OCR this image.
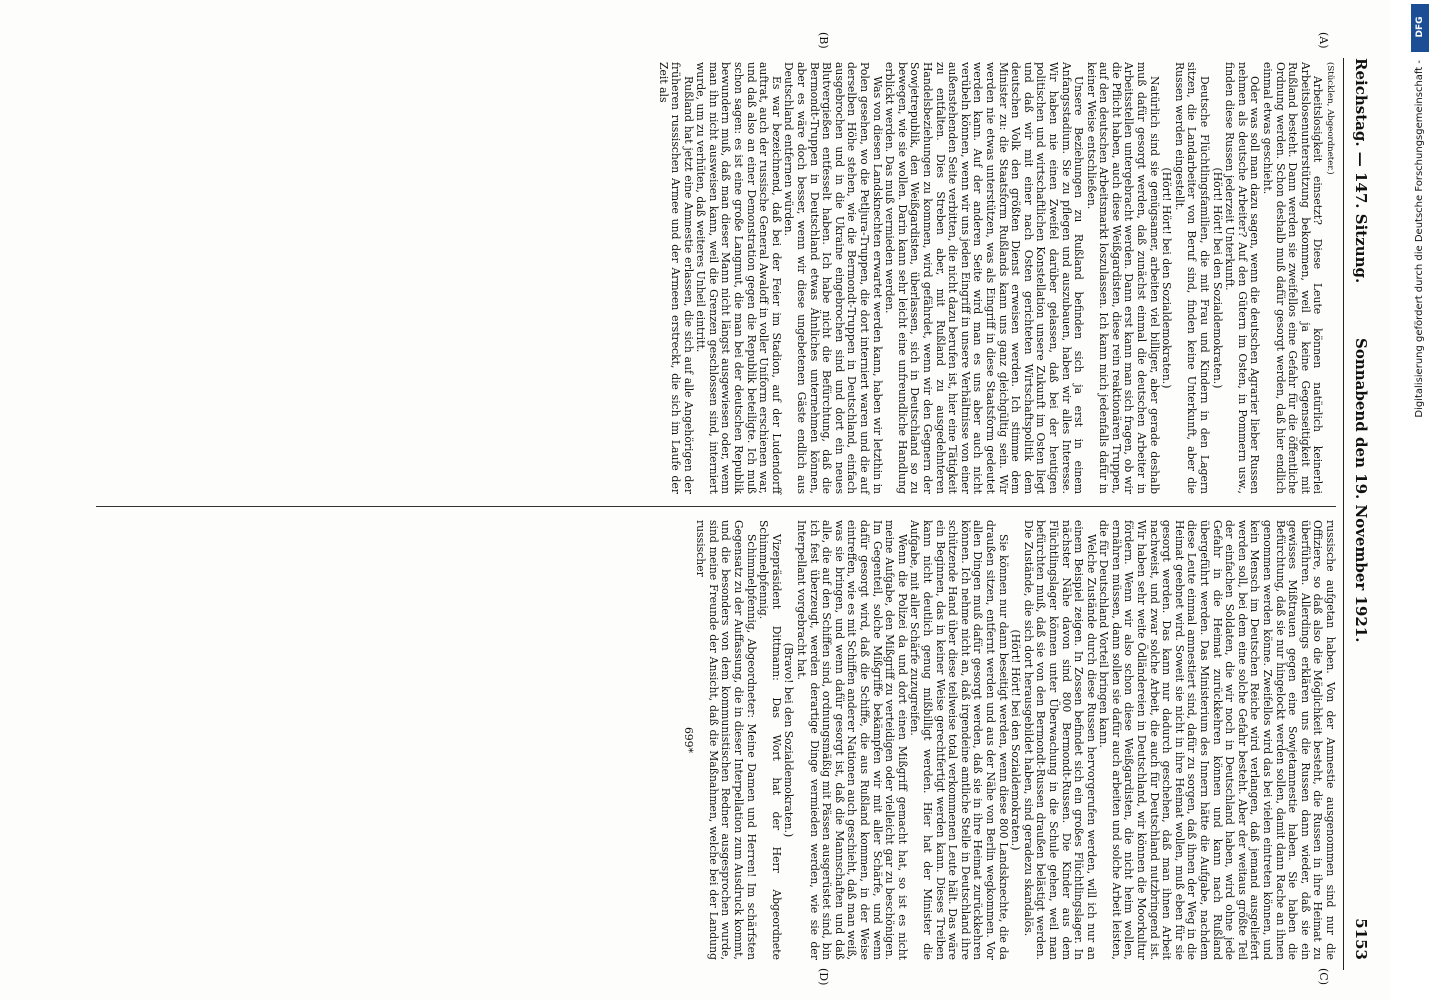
Reichstag. — 147. Sitzung.
Sonnabend den 19. November 1921.
5153
(A)
(B)
(C)
(D)

(Stücklen, Abgeordneter.)

Arbeitslosigkeit einsetzt? Diese Leute können natürlich keinerlei Arbeitslosenunterstützung bekommen, weil ja keine Gegenseitigkeit mit Rußland besteht. Dann werden sie zweifellos eine Gefahr für die öffentliche Ordnung werden. Schon deshalb muß dafür gesorgt werden, daß hier endlich einmal etwas geschieht.

Oder was soll man dazu sagen, wenn die deutschen Agrarier lieber Russen nehmen als deutsche Arbeiter? Auf den Gütern im Osten, in Pommern usw., finden diese Russen jederzeit Unterkunft.

(Hört! Hört! bei den Sozialdemokraten.)

Deutsche Flüchtlingsfamilien, die mit Frau und Kindern in den Lagern sitzen, die Landarbeiter von Beruf sind, finden keine Unterkunft, aber die Russen werden eingestellt.

(Hört! Hört! bei den Sozialdemokraten.)

Natürlich sind sie genügsamer, arbeiten viel billiger, aber gerade deshalb muß dafür gesorgt werden, daß zunächst einmal die deutschen Arbeiter in Arbeitsstellen untergebracht werden. Dann erst kann man sich fragen, ob wir die Pflicht haben, auch diese Weißgardisten, diese rein reaktionären Truppen, auf den deutschen Arbeitsmarkt loszulassen. Ich kann mich jedenfalls dafür in keiner Weise entschließen.

Unsere Beziehungen zu Rußland befinden sich ja erst in einem Anfangsstadium. Sie zu pflegen und auszubauen, haben wir alles Interesse. Wir haben nie einen Zweifel darüber gelassen, daß bei der heutigen politischen und wirtschaftlichen Konstellation unsere Zukunft im Osten liegt und daß wir mit einer nach Osten gerichteten Wirtschaftspolitik dem deutschen Volk den größten Dienst erweisen werden. Ich stimme dem Minister zu: die Staatsform Rußlands kann uns ganz gleichgültig sein. Wir werden nie etwas unterstützen, was als Eingriff in diese Staatsform gedeutet werden kann. Auf der anderen Seite wird man es uns aber auch nicht verübeln können, wenn wir uns jeden Eingriff in unsere Verhältnisse von einer außenstehenden Seite verbitten, die nicht dazu berufen ist, hier eine Tätigkeit zu entfalten. Dies Streben aber, mit Rußland zu ausgedehnteren Handelsbeziehungen zu kommen, wird gefährdet, wenn wir den Gegnern der Sowjetrepublik, den Weißgardisten, überlassen, sich in Deutschland so zu bewegen, wie sie wollen. Darin kann sehr leicht eine unfreundliche Handlung erblickt werden. Das muß vermieden werden.

Was von diesen Landsknechten erwartet werden kann, haben wir letzthin in Polen gesehen, wo die Petljura-Truppen, die dort interniert waren und die auf derselben Höhe stehen, wie die Bermondt-Truppen in Deutschland, einfach ausgebrochen und in die Ukraine eingebrochen sind und dort ein neues Blutvergießen entfesselt haben. Ich habe nicht die Befürchtung, daß die Bermondt-Truppen in Deutschland etwas Ähnliches unternehmen können, aber es wäre doch besser, wenn wir diese ungebetenen Gäste endlich aus Deutschland entfernen würden.

Es war bezeichnend, daß bei der Feier im Stadion, auf der Ludendorff auftrat, auch der russische General Awaloff in voller Uniform erschienen war, und daß also an einer Demonstration gegen die Republik beteiligte. Ich muß schon sagen: es ist eine große Langmut, die man bei der deutschen Republik bewundern muß, daß man dieser Mann nicht längst ausgewiesen oder, wenn man ihn nicht ausweisen kann, weil die Grenzen geschlossen sind, interniert wurde, um zu verhüten, daß weiteres Unheil eintritt.

Rußland hat jetzt eine Amnestie erlassen, die sich auf alle Angehörigen der früheren russischen Armee und der Armeen erstreckt, die sich im Laufe der Zeit als

russische aufgetan haben. Von der Amnestie ausgenommen sind nur die Offiziere, so daß also die Möglichkeit besteht, die Russen in ihre Heimat zu überführen. Allerdings erklären uns die Russen dann wieder, daß sie ein gewisses Mißtrauen gegen eine Sowjetamnestie haben. Sie haben die Befürchtung, daß sie nur hingelockt werden sollen, damit dann Rache an ihnen genommen werden könne. Zweifellos wird das bei vielen eintreten können, und kein Mensch im Deutschen Reiche wird verlangen, daß jemand ausgeliefert werden soll, bei dem eine solche Gefahr besteht. Aber der weitaus größte Teil der einfachen Soldaten, die wir noch in Deutschland haben, wird ohne jede Gefahr in die Heimat zurückkehren können und kann nach Rußland übergeführt werden. Das Ministerium des Innern hätte die Aufgabe, nachdem diese Leute einmal amnestiert sind, dafür zu sorgen, daß ihnen der Weg in die Heimat geebnet wird. Soweit sie nicht in ihre Heimat wollen, muß eben für sie gesorgt werden. Das kann nur dadurch geschehen, daß man ihnen Arbeit nachweist, und zwar solche Arbeit, die auch für Deutschland nutzbringend ist. Wir haben sehr weite Ödländereien in Deutschland, wir können die Moorkultur fördern. Wenn wir also schon diese Weißgardisten, die nicht heim wollen, ernähren müssen, dann sollen sie dafür auch arbeiten und solche Arbeit leisten, die für Deutschland Vorteil bringen kann.

Welche Zustände durch diese Russen hervorgerufen werden, will ich nur an einem Beispiel zeigen. In Zossen befindet sich ein großes Flüchtlingslager. In nächster Nähe davon sind 800 Bermondt-Russen. Die Kinder aus dem Flüchtlingslager können unter Überwachung in die Schule gehen, weil man befürchten muß, daß sie von den Bermondt-Russen draußen belästigt werden. Die Zustände, die sich dort herausgebildet haben, sind geradezu skandalös.

(Hört! Hört! bei den Sozialdemokraten.)

Sie können nur dann beseitigt werden, wenn diese 800 Landsknechte, die da draußen sitzen, entfernt werden und aus der Nähe von Berlin wegkommen. Vor allen Dingen muß dafür gesorgt werden, daß sie in ihre Heimat zurückkehren können. Ich nehme nicht an, daß irgendeine amtliche Stelle in Deutschland ihre schützende Hand über diese teilweise total verkommenen Leute hält. Das wäre ein Beginnen, das in keiner Weise gerechtfertigt werden kann. Dieses Treiben kann nicht deutlich genug mißbilligt werden. Hier hat der Minister die Aufgabe, mit aller Schärfe zuzugreifen.

Wenn die Polizei da und dort einen Mißgriff gemacht hat, so ist es nicht meine Aufgabe, den Mißgriff zu verteidigen oder vielleicht gar zu beschönigen. Im Gegenteil, solche Mißgriffe bekämpfen wir mit aller Schärfe, und wenn dafür gesorgt wird, daß die Schiffe, die aus Rußland kommen, in der Weise eintreffen, wie es mit Schiffen anderer Nationen auch geschieht, daß man weiß, was sie bringen, und wenn dafür gesorgt ist, daß die Mannschaften und daß alle, die auf den Schiffen sind, ordnungsmäßig mit Pässen ausgerüstet sind, bin ich fest überzeugt, werden derartige Dinge vermieden werden, wie sie der Interpellant vorgebracht hat.

(Bravo! bei den Sozialdemokraten.)

Vizepräsident Dittmann: Das Wort hat der Herr Abgeordnete Schimmelpfennig.

Schimmelpfennig, Abgeordneter: Meine Damen und Herren! Im schärfsten Gegensatz zu der Auffassung, die in dieser Interpellation zum Ausdruck kommt, und die besonders von dem kommunistischen Redner ausgesprochen wurde, sind meine Freunde der Ansicht, daß die Maßnahmen, welche bei der Landung russischer

699*

DFG
Digitalisierung gefördert durch die Deutsche Forschungsgemeinschaft -
